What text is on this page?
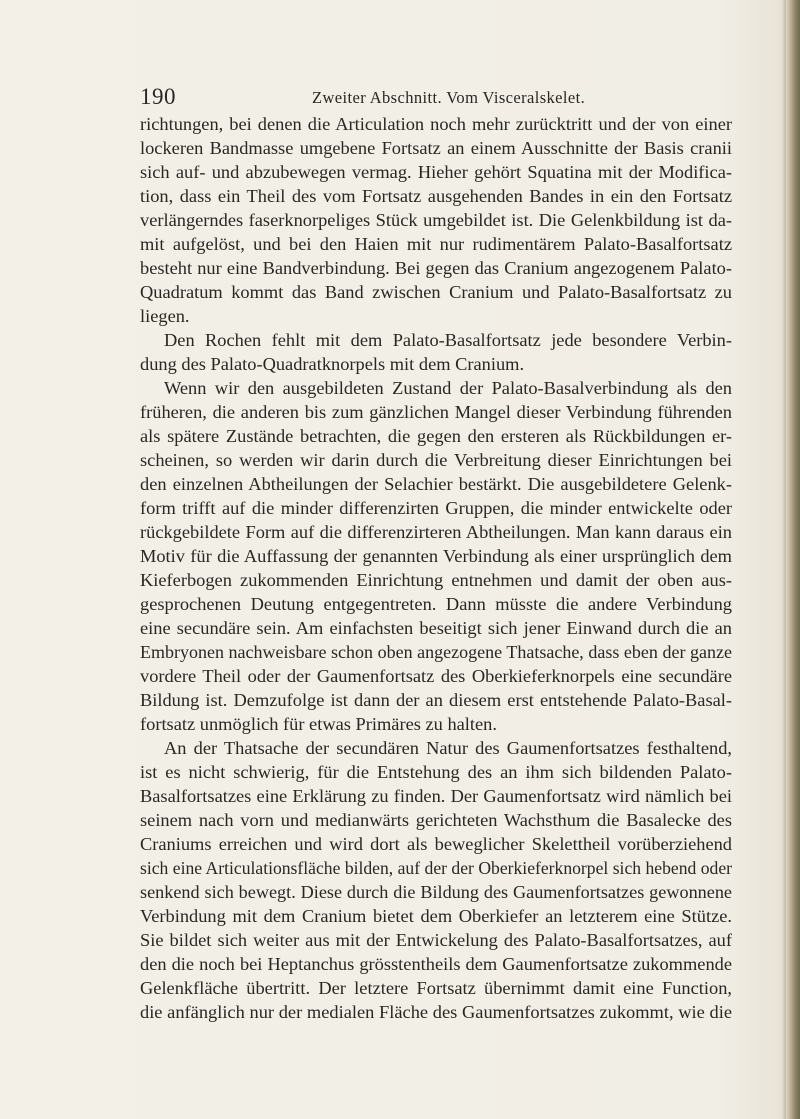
190	Zweiter Abschnitt. Vom Visceralskelet.
richtungen, bei denen die Articulation noch mehr zurücktritt und der von einer
lockeren Bandmasse umgebene Fortsatz an einem Ausschnitte der Basis cranii
sich auf- und abzubewegen vermag. Hieher gehört Squatina mit der Modifica-
tion, dass ein Theil des vom Fortsatz ausgehenden Bandes in ein den Fortsatz
verlängerndes faserknorpeliges Stück umgebildet ist. Die Gelenkbildung ist da-
mit aufgelöst, und bei den Haien mit nur rudimentärem Palato-Basalfortsatz
besteht nur eine Bandverbindung. Bei gegen das Cranium angezogenem Palato-
Quadratum kommt das Band zwischen Cranium und Palato-Basalfortsatz zu
liegen.
Den Rochen fehlt mit dem Palato-Basalfortsatz jede besondere Verbin-
dung des Palato-Quadratknorpels mit dem Cranium.
Wenn wir den ausgebildeten Zustand der Palato-Basalverbindung als den
früheren, die anderen bis zum gänzlichen Mangel dieser Verbindung führenden
als spätere Zustände betrachten, die gegen den ersteren als Rückbildungen er-
scheinen, so werden wir darin durch die Verbreitung dieser Einrichtungen bei
den einzelnen Abtheilungen der Selachier bestärkt. Die ausgebildetere Gelenk-
form trifft auf die minder differenzirten Gruppen, die minder entwickelte oder
rückgebildete Form auf die differenzirteren Abtheilungen. Man kann daraus ein
Motiv für die Auffassung der genannten Verbindung als einer ursprünglich dem
Kieferbogen zukommenden Einrichtung entnehmen und damit der oben aus-
gesprochenen Deutung entgegentreten. Dann müsste die andere Verbindung
eine secundäre sein. Am einfachsten beseitigt sich jener Einwand durch die an
Embryonen nachweisbare schon oben angezogene Thatsache, dass eben der ganze
vordere Theil oder der Gaumenfortsatz des Oberkieferknorpels eine secundäre
Bildung ist. Demzufolge ist dann der an diesem erst entstehende Palato-Basal-
fortsatz unmöglich für etwas Primäres zu halten.
An der Thatsache der secundären Natur des Gaumenfortsatzes festhaltend,
ist es nicht schwierig, für die Entstehung des an ihm sich bildenden Palato-
Basalfortsatzes eine Erklärung zu finden. Der Gaumenfortsatz wird nämlich bei
seinem nach vorn und medianwärts gerichteten Wachsthum die Basalecke des
Craniums erreichen und wird dort als beweglicher Skelettheil vorüberziehend
sich eine Articulationsfläche bilden, auf der der Oberkieferknorpel sich hebend oder
senkend sich bewegt. Diese durch die Bildung des Gaumenfortsatzes gewonnene
Verbindung mit dem Cranium bietet dem Oberkiefer an letzterem eine Stütze.
Sie bildet sich weiter aus mit der Entwickelung des Palato-Basalfortsatzes, auf
den die noch bei Heptanchus grösstentheils dem Gaumenfortsatze zukommende
Gelenkfläche übertritt. Der letztere Fortsatz übernimmt damit eine Function,
die anfänglich nur der medialen Fläche des Gaumenfortsatzes zukommt, wie die
